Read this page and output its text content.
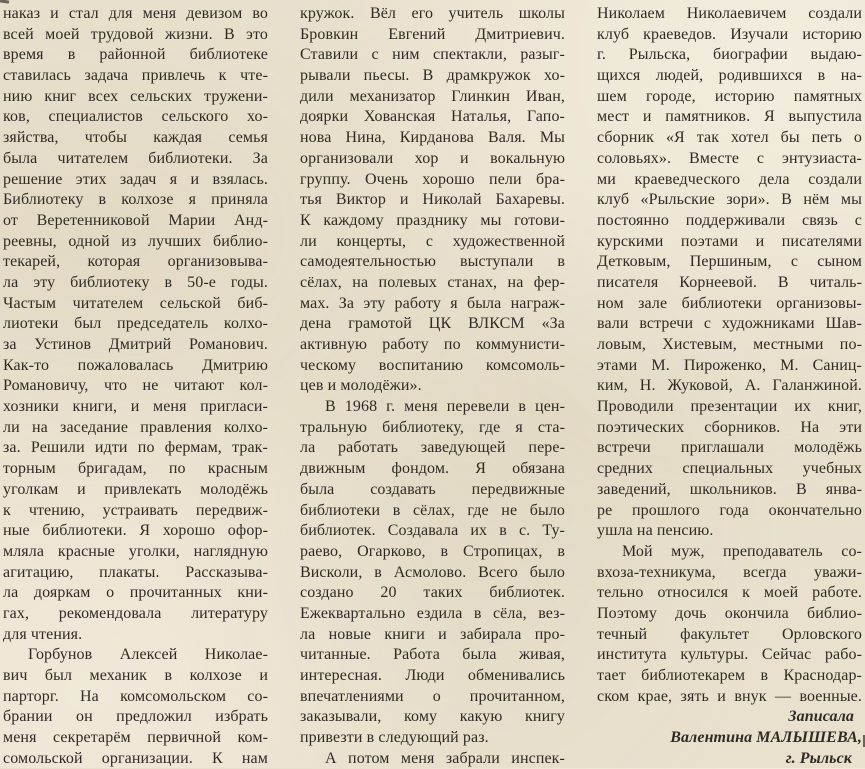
наказ и стал для меня девизом во
всей моей трудовой жизни. В это
время в районной библиотеке
ставилась задача привлечь к чте-
нию книг всех сельских тружени-
ков, специалистов сельского хо-
зяйства, чтобы каждая семья
была читателем библиотеки. За
решение этих задач я и взялась.
Библиотеку в колхозе я приняла
от Веретенниковой Марии Анд-
реевны, одной из лучших библио-
текарей, которая организовыва-
ла эту библиотеку в 50-е годы.
Частым читателем сельской биб-
лиотеки был председатель колхо-
за Устинов Дмитрий Романович.
Как-то пожаловалась Дмитрию
Романовичу, что не читают кол-
хозники книги, и меня пригласи-
ли на заседание правления колхо-
за. Решили идти по фермам, трак-
торным бригадам, по красным
уголкам и привлекать молодёжь
к чтению, устраивать передвиж-
ные библиотеки. Я хорошо офор-
мляла красные уголки, наглядную
агитацию, плакаты. Рассказыва-
ла дояркам о прочитанных кни-
гах, рекомендовала литературу
для чтения.
Горбунов Алексей Николае-
вич был механик в колхозе и
парторг. На комсомольском со-
брании он предложил избрать
меня секретарём первичной ком-
сомольской организации. К нам
кружок. Вёл его учитель школы
Бровкин Евгений Дмитриевич.
Ставили с ним спектакли, разыг-
рывали пьесы. В драмкружок хо-
дили механизатор Глинкин Иван,
доярки Хованская Наталья, Гапо-
нова Нина, Кирданова Валя. Мы
организовали хор и вокальную
группу. Очень хорошо пели бра-
тья Виктор и Николай Бахаревы.
К каждому празднику мы готови-
ли концерты, с художественной
самодеятельностью выступали в
сёлах, на полевых станах, на фер-
мах. За эту работу я была награж-
дена грамотой ЦК ВЛКСМ «За
активную работу по коммунисти-
ческому воспитанию комсомоль-
цев и молодёжи».
В 1968 г. меня перевели в цен-
тральную библиотеку, где я ста-
ла работать заведующей пере-
движным фондом. Я обязана
была создавать передвижные
библиотеки в сёлах, где не было
библиотек. Создавала их в с. Ту-
раево, Огарково, в Стропицах, в
Висколи, в Асмолово. Всего было
создано 20 таких библиотек.
Ежеквартально ездила в сёла, вез-
ла новые книги и забирала про-
читанные. Работа была живая,
интересная. Люди обменивались
впечатлениями о прочитанном,
заказывали, кому какую книгу
привезти в следующий раз.
А потом меня забрали инспек-
Николаем Николаевичем создали
клуб краеведов. Изучали историю
г. Рыльска, биографии выдаю-
щихся людей, родившихся в на-
шем городе, историю памятных
мест и памятников. Я выпустила
сборник «Я так хотел бы петь о
соловьях». Вместе с энтузиаста-
ми краеведческого дела создали
клуб «Рыльские зори». В нём мы
постоянно поддерживали связь с
курскими поэтами и писателями
Детковым, Першиным, с сыном
писателя Корнеевой. В читаль-
ном зале библиотеки организовы-
вали встречи с художниками Шав-
ловым, Хистевым, местными по-
этами М. Пироженко, М. Саниц-
ким, Н. Жуковой, А. Галанжиной.
Проводили презентации их книг,
поэтических сборников. На эти
встречи приглашали молодёжь
средних специальных учебных
заведений, школьников. В янва-
ре прошлого года окончательно
ушла на пенсию.
Мой муж, преподаватель со-
вхоза-техникума, всегда уважи-
тельно относился к моей работе.
Поэтому дочь окончила библио-
течный факультет Орловского
института культуры. Сейчас рабо-
тает библиотекарем в Краснодар-
ском крае, зять и внук — военные.
Записала
Валентина МАЛЫШЕВА,
г. Рыльск
